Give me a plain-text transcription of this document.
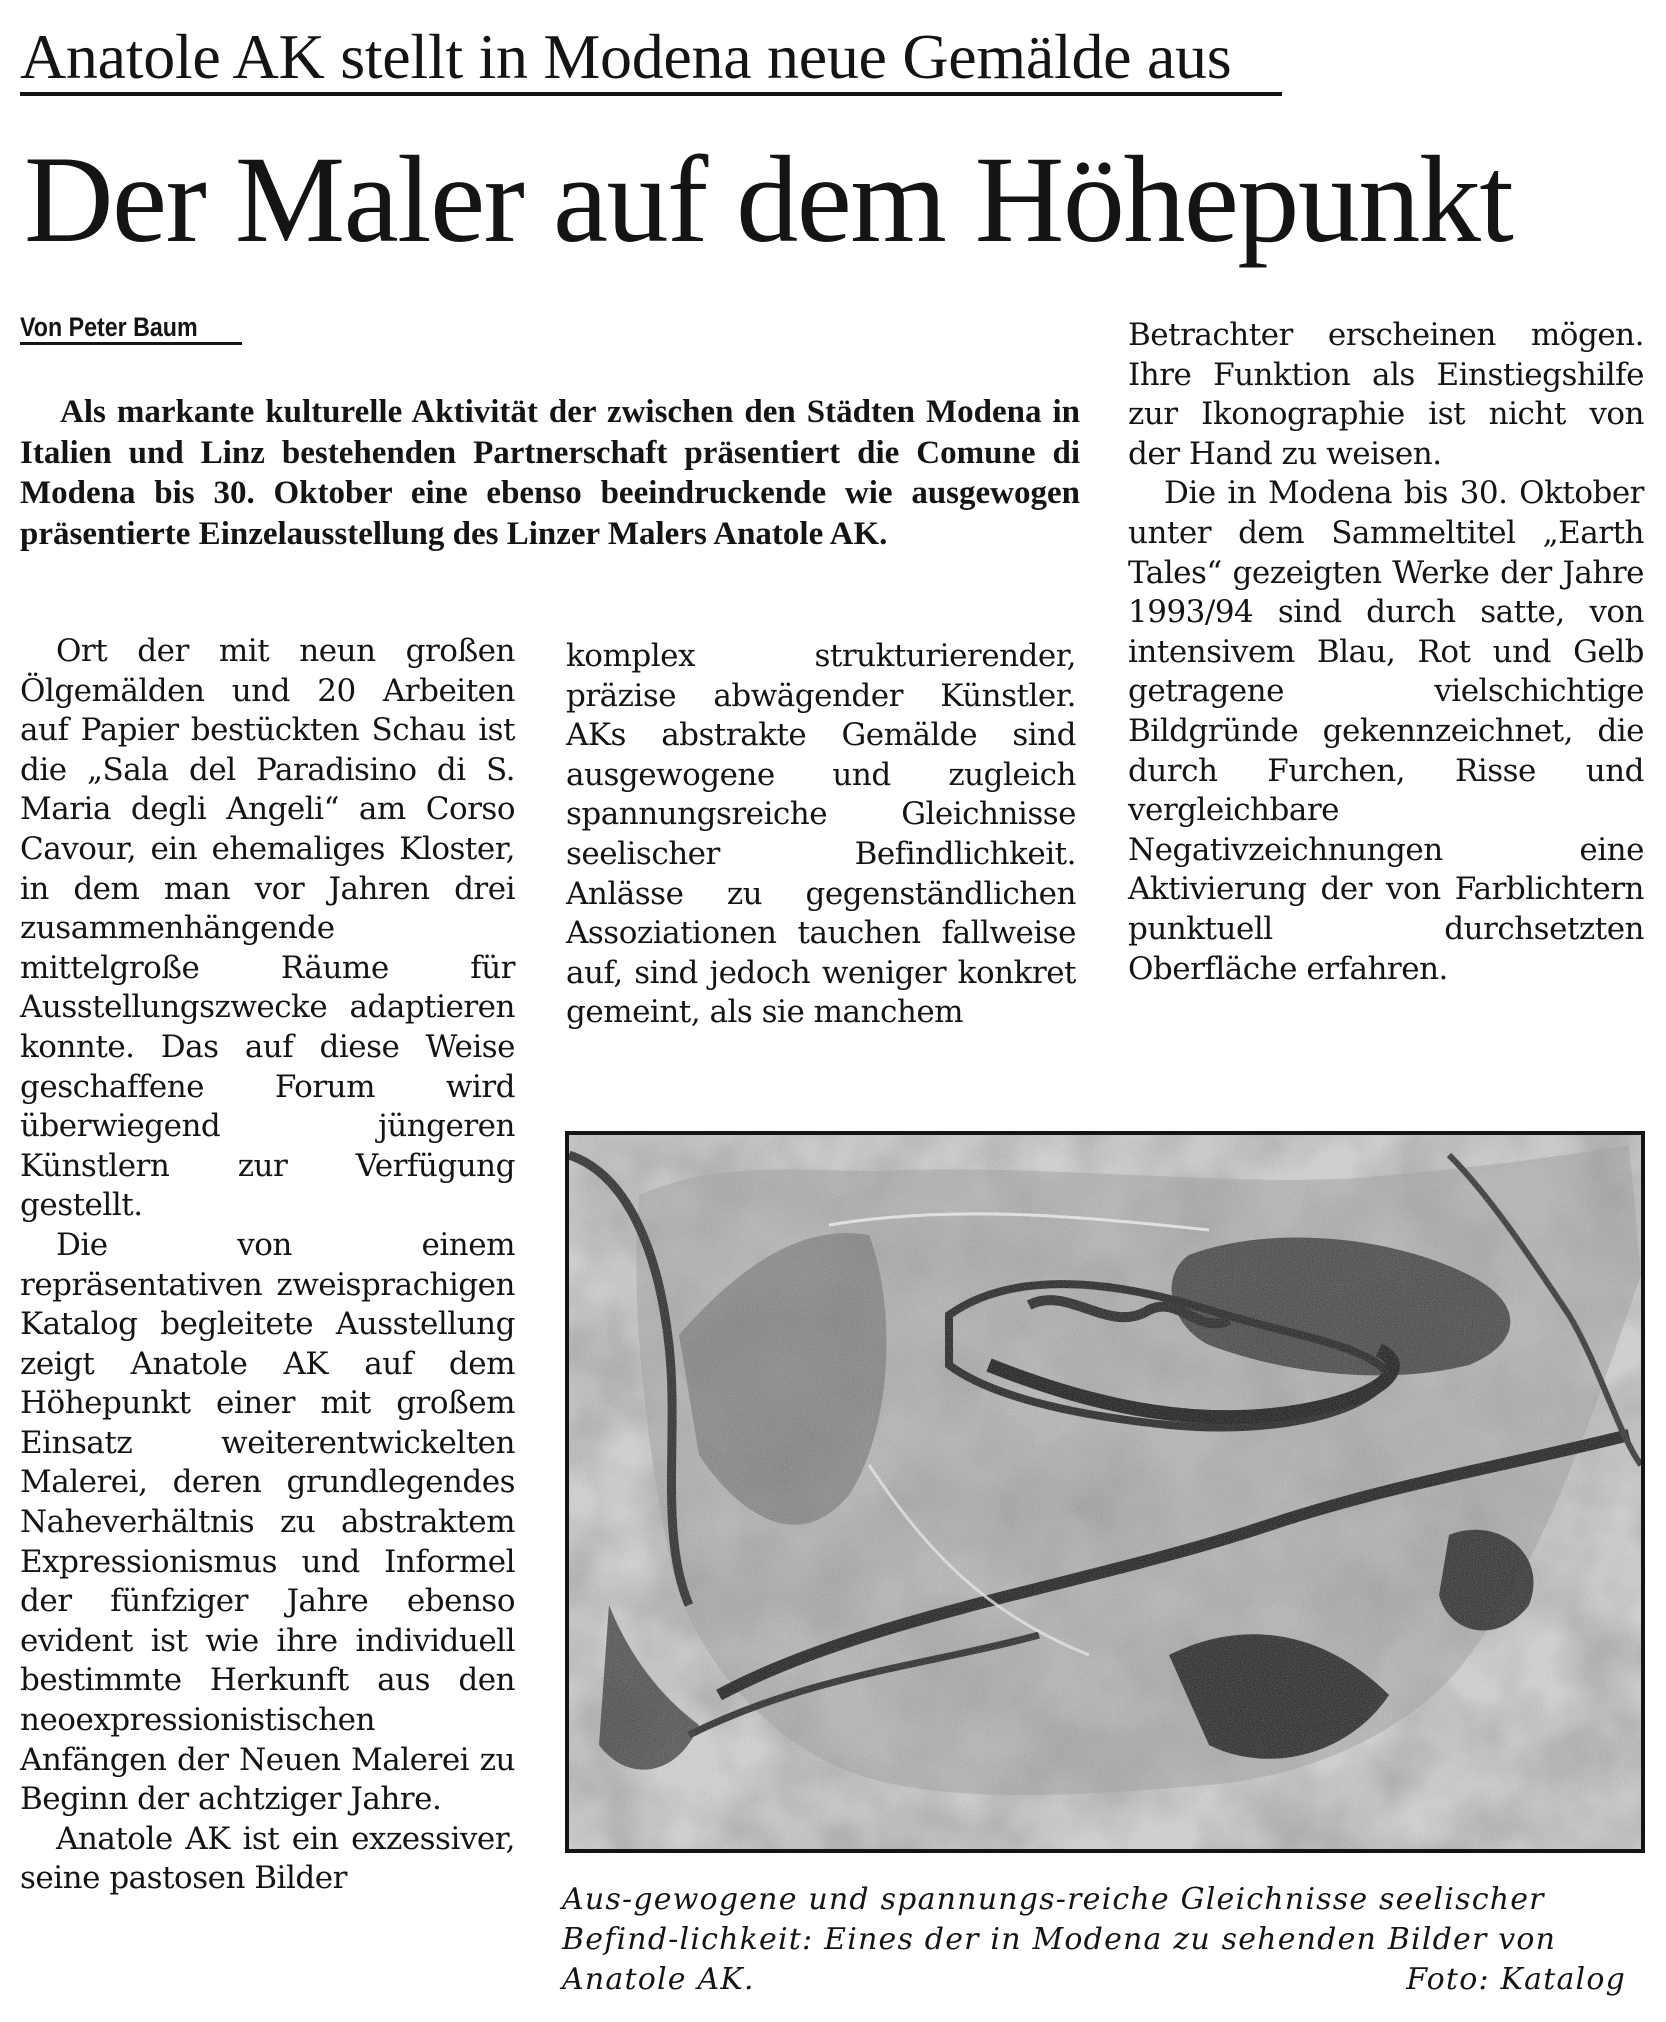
Anatole AK stellt in Modena neue Gemälde aus
Der Maler auf dem Höhepunkt
Von Peter Baum
Als markante kulturelle Aktivität der zwischen den Städten Modena in Italien und Linz bestehenden Partnerschaft präsentiert die Comune di Modena bis 30. Oktober eine ebenso beeindruckende wie ausgewogen präsentierte Einzelausstellung des Linzer Malers Anatole AK.

Ort der mit neun großen Ölgemälden und 20 Arbeiten auf Papier bestückten Schau ist die „Sala del Paradisino di S. Maria degli Angeli“ am Corso Cavour, ein ehemaliges Kloster, in dem man vor Jahren drei zusammenhängende mittelgroße Räume für Ausstellungszwecke adaptieren konnte. Das auf diese Weise geschaffene Forum wird überwiegend jüngeren Künstlern zur Verfügung gestellt.

Die von einem repräsentativen zweisprachigen Katalog begleitete Ausstellung zeigt Anatole AK auf dem Höhepunkt einer mit großem Einsatz weiterentwickelten Malerei, deren grundlegendes Naheverhältnis zu abstraktem Expressionismus und Informel der fünfziger Jahre ebenso evident ist wie ihre individuell bestimmte Herkunft aus den neoexpressionistischen Anfängen der Neuen Malerei zu Beginn der achtziger Jahre.

Anatole AK ist ein exzessiver, seine pastosen Bilder

komplex strukturierender, präzise abwägender Künstler. AKs abstrakte Gemälde sind ausgewogene und zugleich spannungsreiche Gleichnisse seelischer Befindlichkeit. Anlässe zu gegenständlichen Assoziationen tauchen fallweise auf, sind jedoch weniger konkret gemeint, als sie manchem

Betrachter erscheinen mögen. Ihre Funktion als Einstiegshilfe zur Ikonographie ist nicht von der Hand zu weisen.

Die in Modena bis 30. Oktober unter dem Sammeltitel „Earth Tales“ gezeigten Werke der Jahre 1993/94 sind durch satte, von intensivem Blau, Rot und Gelb getragene vielschichtige Bildgründe gekennzeichnet, die durch Furchen, Risse und vergleichbare Negativzeichnungen eine Aktivierung der von Farblichtern punktuell durchsetzten Oberfläche erfahren.

Aus-gewogene und spannungs-reiche Gleichnisse seelischer Befind-lichkeit: Eines der in Modena zu sehenden Bilder von Anatole AK.	Foto: Katalog
